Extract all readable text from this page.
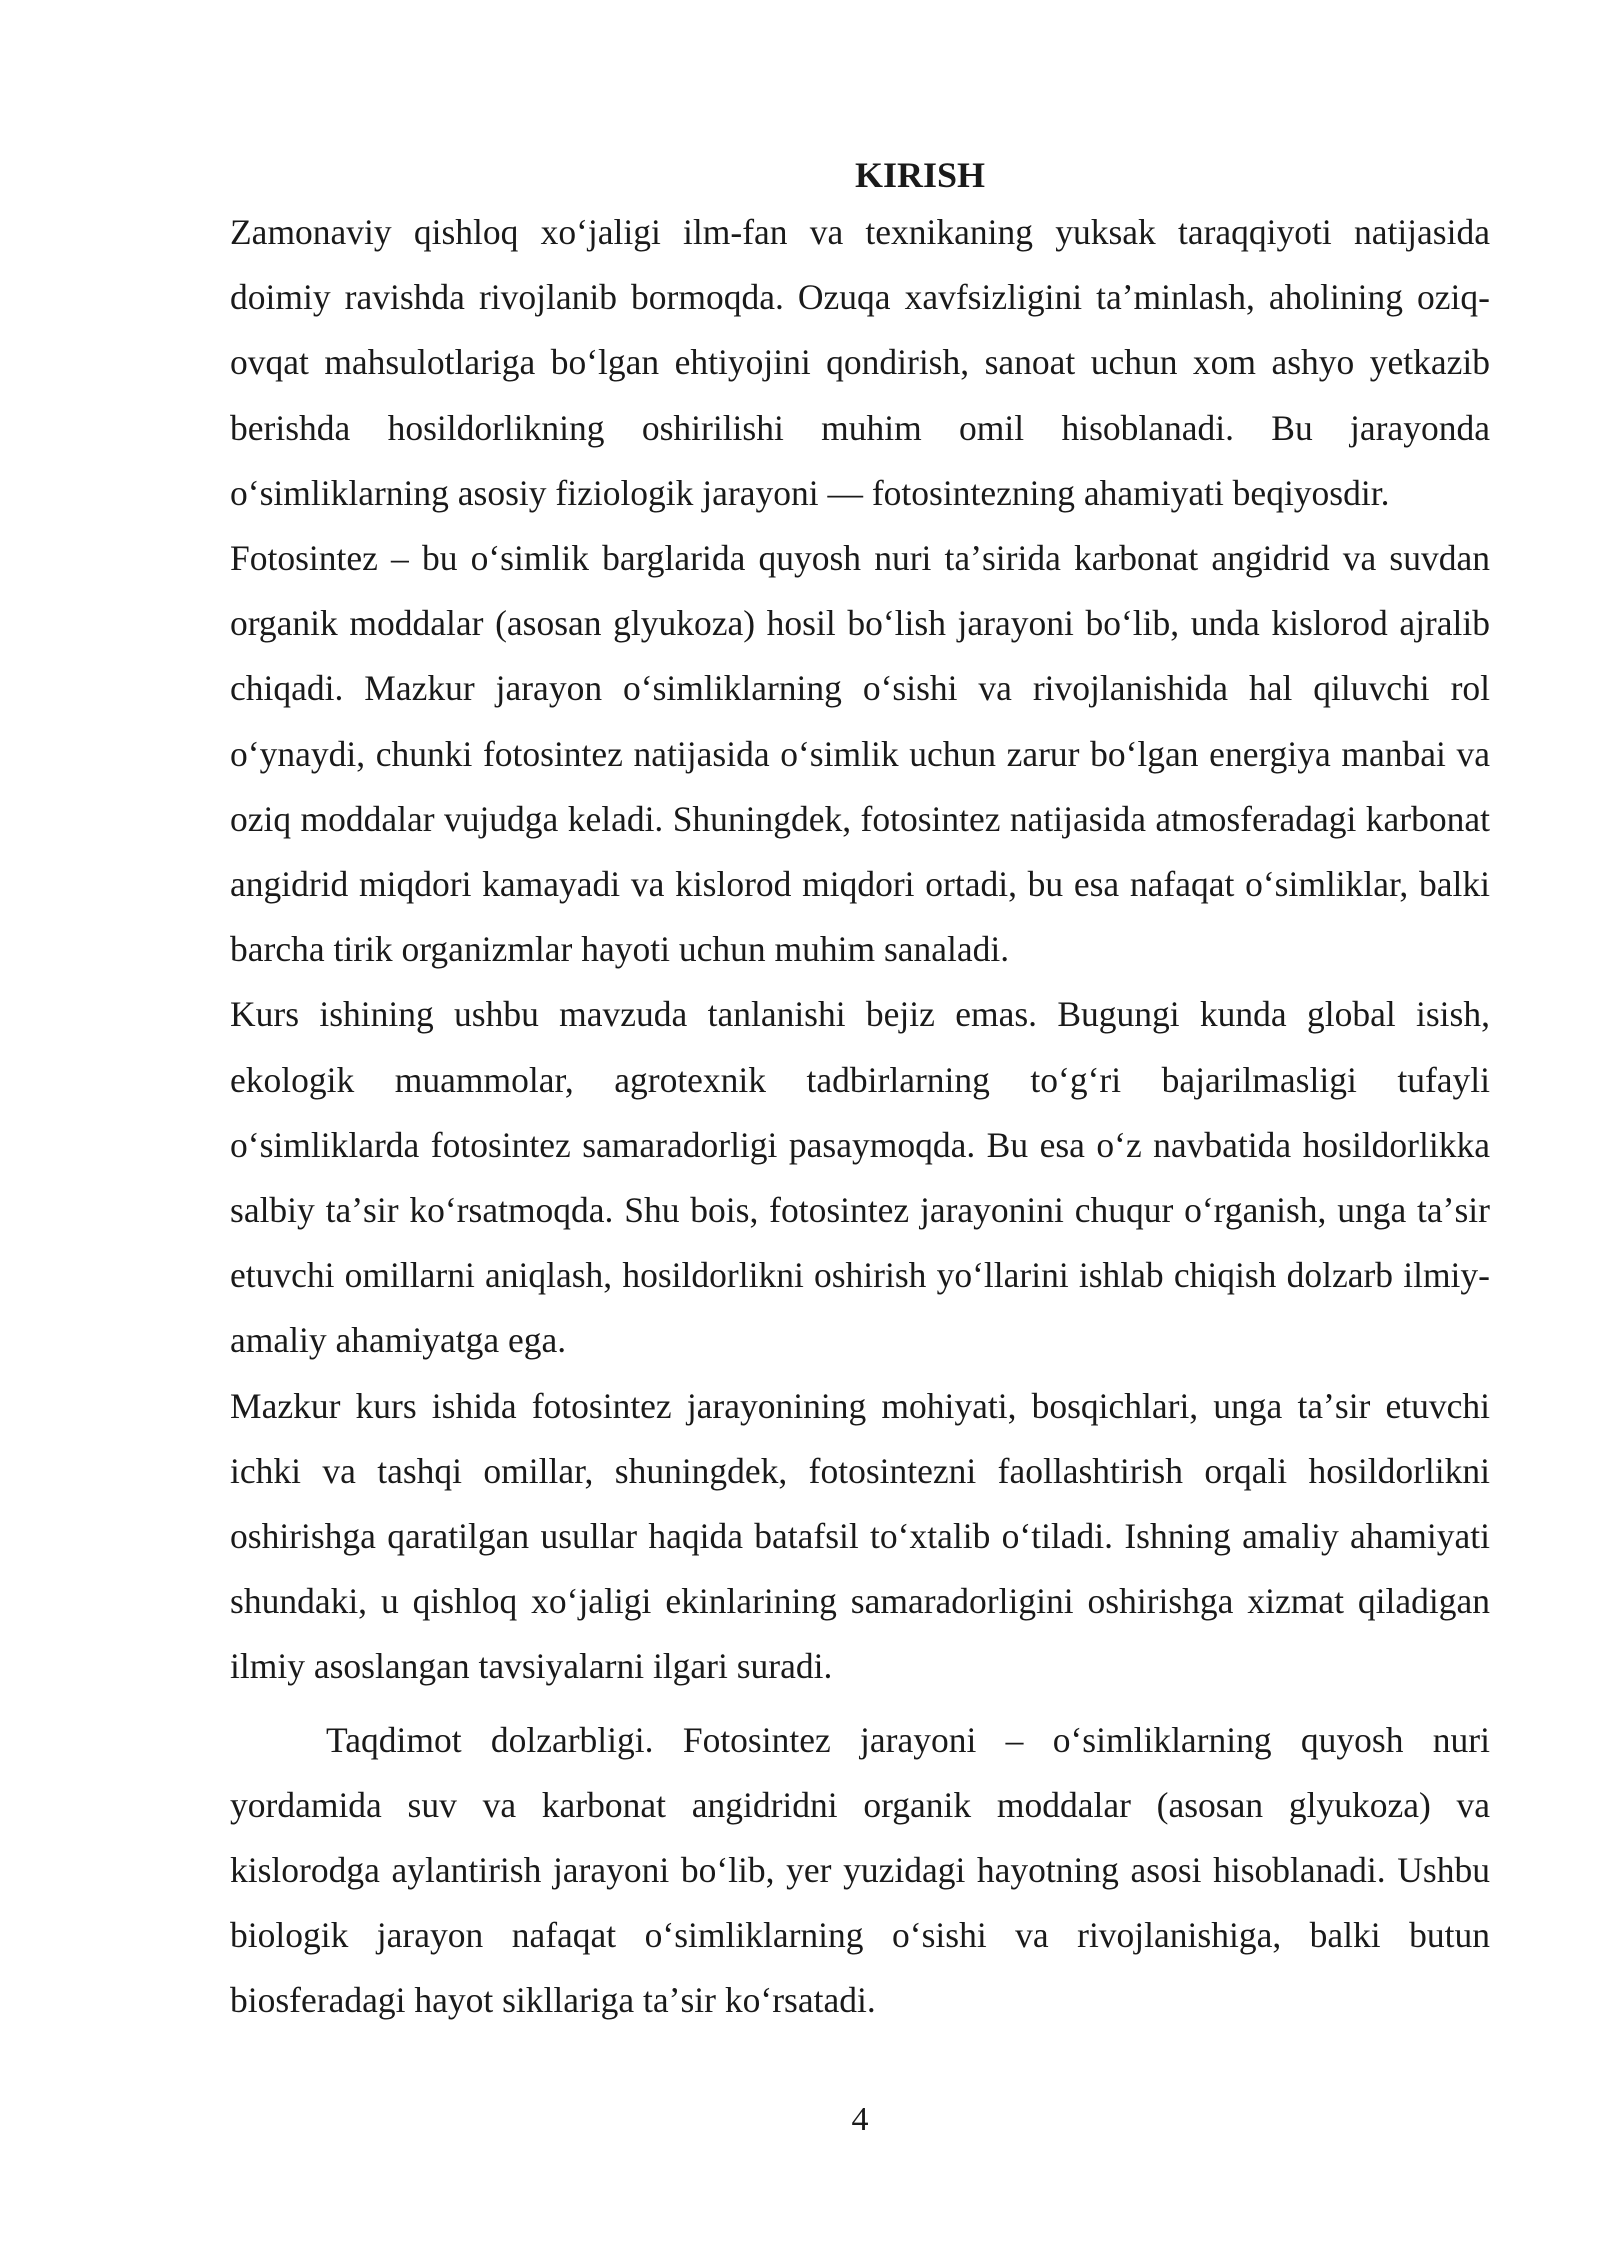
KIRISH

Zamonaviy qishloq xoʻjaligi ilm-fan va texnikaning yuksak taraqqiyoti natijasida doimiy ravishda rivojlanib bormoqda. Ozuqa xavfsizligini taʼminlash, aholining oziq-ovqat mahsulotlariga boʻlgan ehtiyojini qondirish, sanoat uchun xom ashyo yetkazib berishda hosildorlikning oshirilishi muhim omil hisoblanadi. Bu jarayonda oʻsimliklarning asosiy fiziologik jarayoni — fotosintezning ahamiyati beqiyosdir.

Fotosintez – bu oʻsimlik barglarida quyosh nuri taʼsirida karbonat angidrid va suvdan organik moddalar (asosan glyukoza) hosil boʻlish jarayoni boʻlib, unda kislorod ajralib chiqadi. Mazkur jarayon oʻsimliklarning oʻsishi va rivojlanishida hal qiluvchi rol oʻynaydi, chunki fotosintez natijasida oʻsimlik uchun zarur boʻlgan energiya manbai va oziq moddalar vujudga keladi. Shuningdek, fotosintez natijasida atmosferadagi karbonat angidrid miqdori kamayadi va kislorod miqdori ortadi, bu esa nafaqat oʻsimliklar, balki barcha tirik organizmlar hayoti uchun muhim sanaladi.

Kurs ishining ushbu mavzuda tanlanishi bejiz emas. Bugungi kunda global isish, ekologik muammolar, agrotexnik tadbirlarning toʻgʻri bajarilmasligi tufayli oʻsimliklarda fotosintez samaradorligi pasaymoqda. Bu esa oʻz navbatida hosildorlikka salbiy taʼsir koʻrsatmoqda. Shu bois, fotosintez jarayonini chuqur oʻrganish, unga taʼsir etuvchi omillarni aniqlash, hosildorlikni oshirish yoʻllarini ishlab chiqish dolzarb ilmiy-amaliy ahamiyatga ega.

Mazkur kurs ishida fotosintez jarayonining mohiyati, bosqichlari, unga taʼsir etuvchi ichki va tashqi omillar, shuningdek, fotosintezni faollashtirish orqali hosildorlikni oshirishga qaratilgan usullar haqida batafsil toʻxtalib oʻtiladi. Ishning amaliy ahamiyati shundaki, u qishloq xoʻjaligi ekinlarining samaradorligini oshirishga xizmat qiladigan ilmiy asoslangan tavsiyalarni ilgari suradi.

Taqdimot dolzarbligi. Fotosintez jarayoni – oʻsimliklarning quyosh nuri yordamida suv va karbonat angidridni organik moddalar (asosan glyukoza) va kislorodga aylantirish jarayoni boʻlib, yer yuzidagi hayotning asosi hisoblanadi. Ushbu biologik jarayon nafaqat oʻsimliklarning oʻsishi va rivojlanishiga, balki butun biosferadagi hayot sikllariga taʼsir koʻrsatadi.

4
